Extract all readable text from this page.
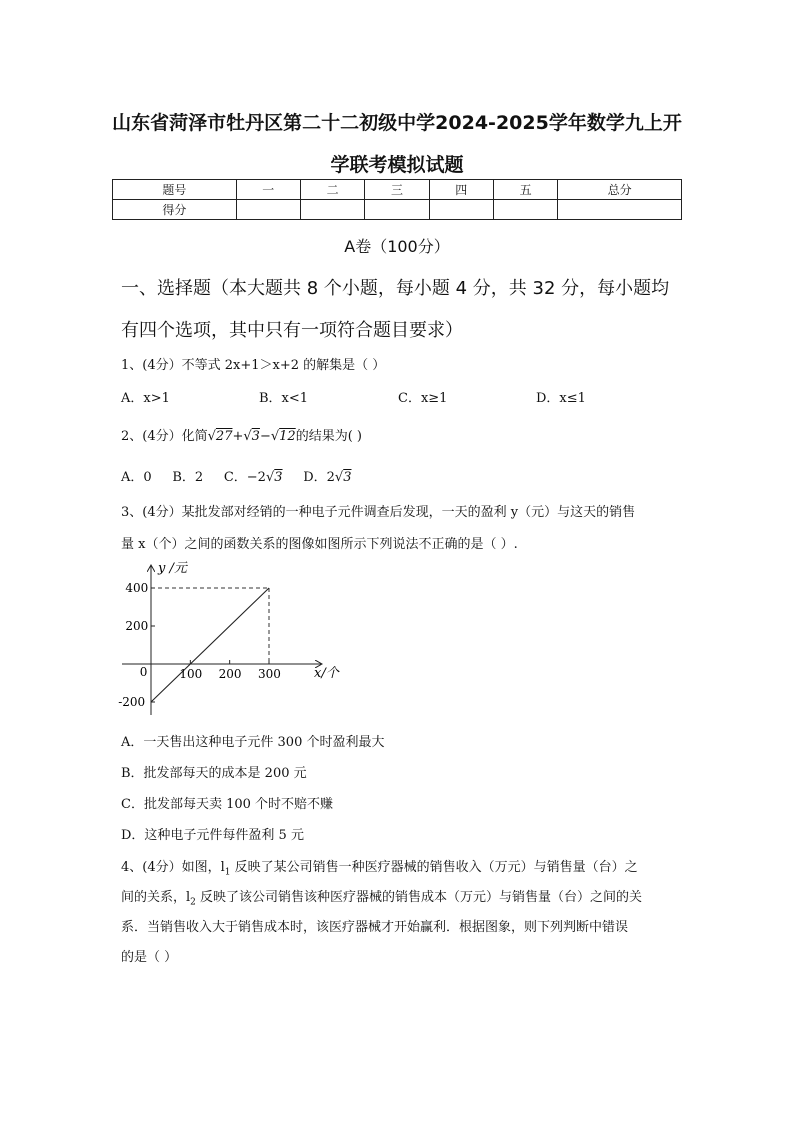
山东省菏泽市牡丹区第二十二初级中学2024-2025学年数学九上开
学联考模拟试题
题号	一	二	三	四	五	总分
得分						
A卷（100分）
一、选择题（本大题共 8 个小题，每小题 4 分，共 32 分，每小题均
有四个选项，其中只有一项符合题目要求）
1、(4分）不等式 2x+1＞x+2 的解集是（ ）
A．x>1	B．x<1	C．x≥1	D．x≤1
2、(4分）化简√27+√3−√12的结果为( )
A．0 B．2 C．−2√3 D．2√3
3、(4分）某批发部对经销的一种电子元件调查后发现，一天的盈利 y（元）与这天的销售
量 x（个）之间的函数关系的图像如图所示下列说法不正确的是（ ）.
100 200 300
400
200
0
-200
y /元
x/个
A．一天售出这种电子元件 300 个时盈利最大
B．批发部每天的成本是 200 元
C．批发部每天卖 100 个时不赔不赚
D．这种电子元件每件盈利 5 元
4、(4分）如图，$l_1$ 反映了某公司销售一种医疗器械的销售收入（万元）与销售量（台）之
间的关系，$l_2$ 反映了该公司销售该种医疗器械的销售成本（万元）与销售量（台）之间的关
系．当销售收入大于销售成本时，该医疗器械才开始赢利．根据图象，则下列判断中错误
的是（ ）
